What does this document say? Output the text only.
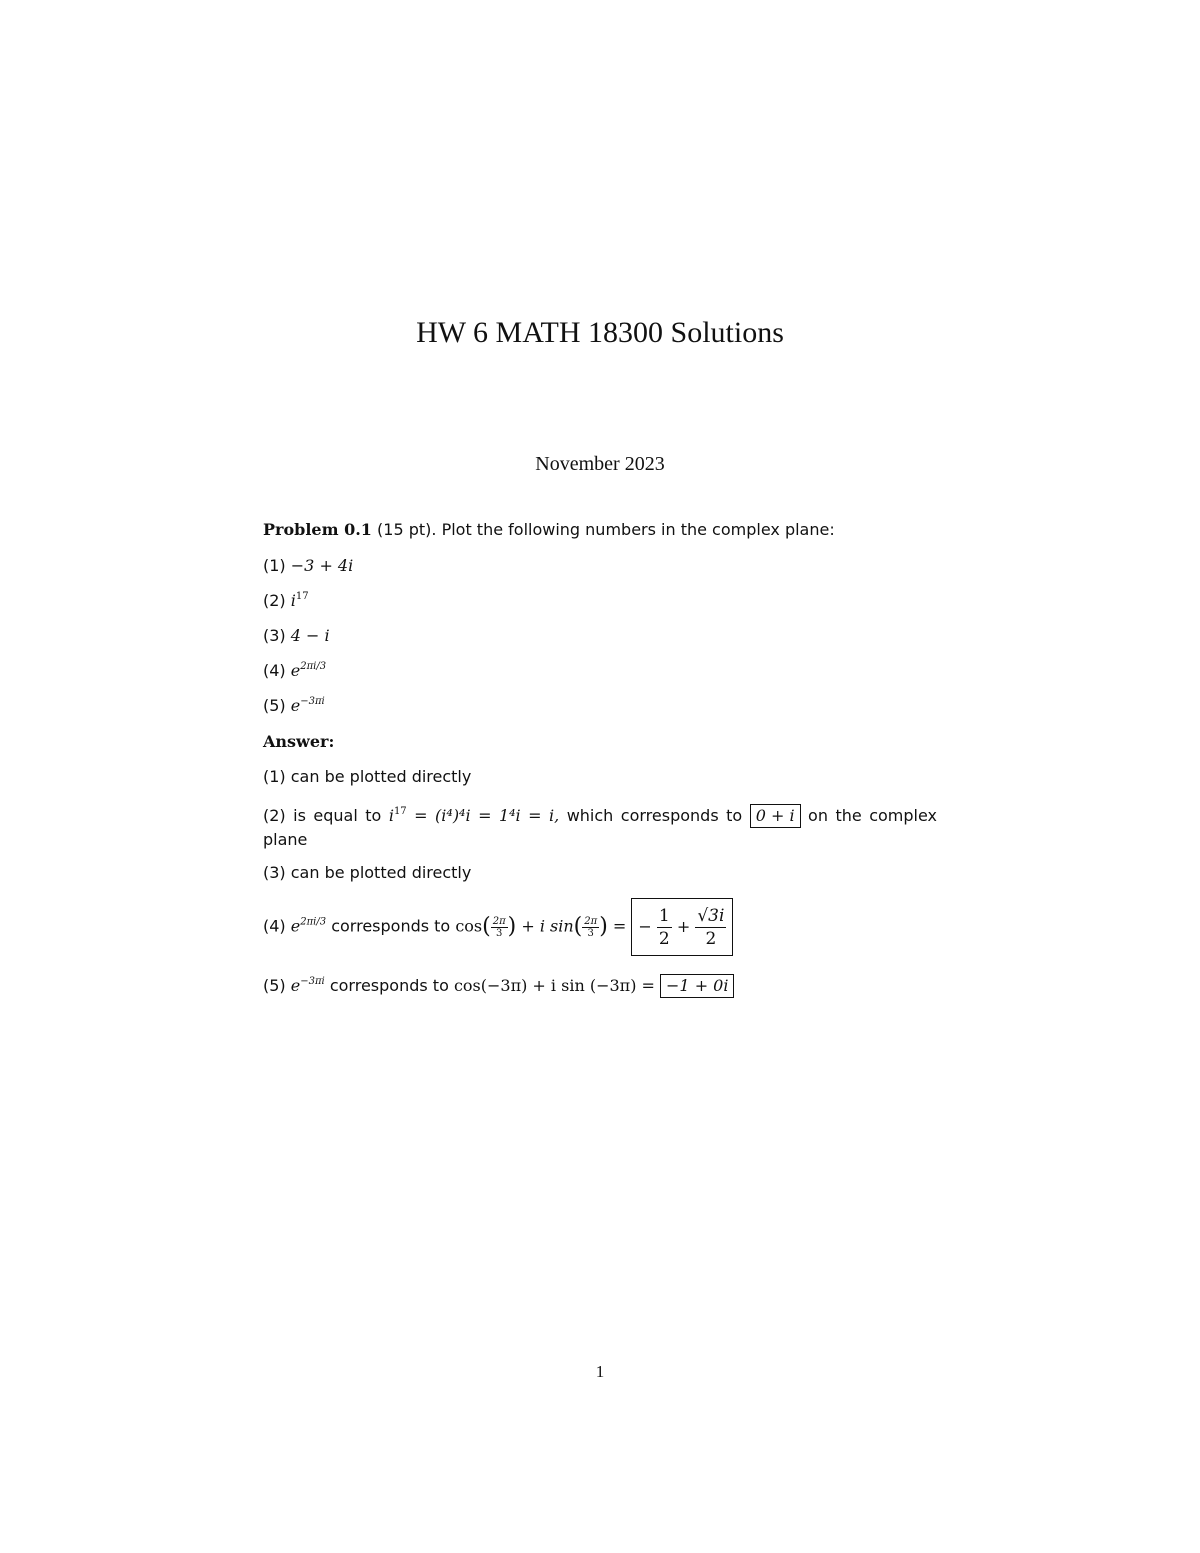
HW 6 MATH 18300 Solutions
November 2023
Problem 0.1 (15 pt). Plot the following numbers in the complex plane:
(1) −3 + 4i
(2) $i^{17}$
(3) 4 − i
(4) $e^{2\pi i/3}$
(5) $e^{-3\pi i}$
Answer:
(1) can be plotted directly
(2) is equal to $i^{17} = (i^4)^4i = 1^4i = i$, which corresponds to 0 + i on the complex plane
(3) can be plotted directly
(4) $e^{2\pi i/3}$ corresponds to $\cos( \frac{2\pi}{3}$ ) + i $\sin( \frac{2\pi}{3}$ ) = − $\frac{1}{2} + \frac{√3i}{2}$
(5) $e^{-3\pi i}$ corresponds to cos(−3π) + i sin (−3π) = −1 + 0i
1
